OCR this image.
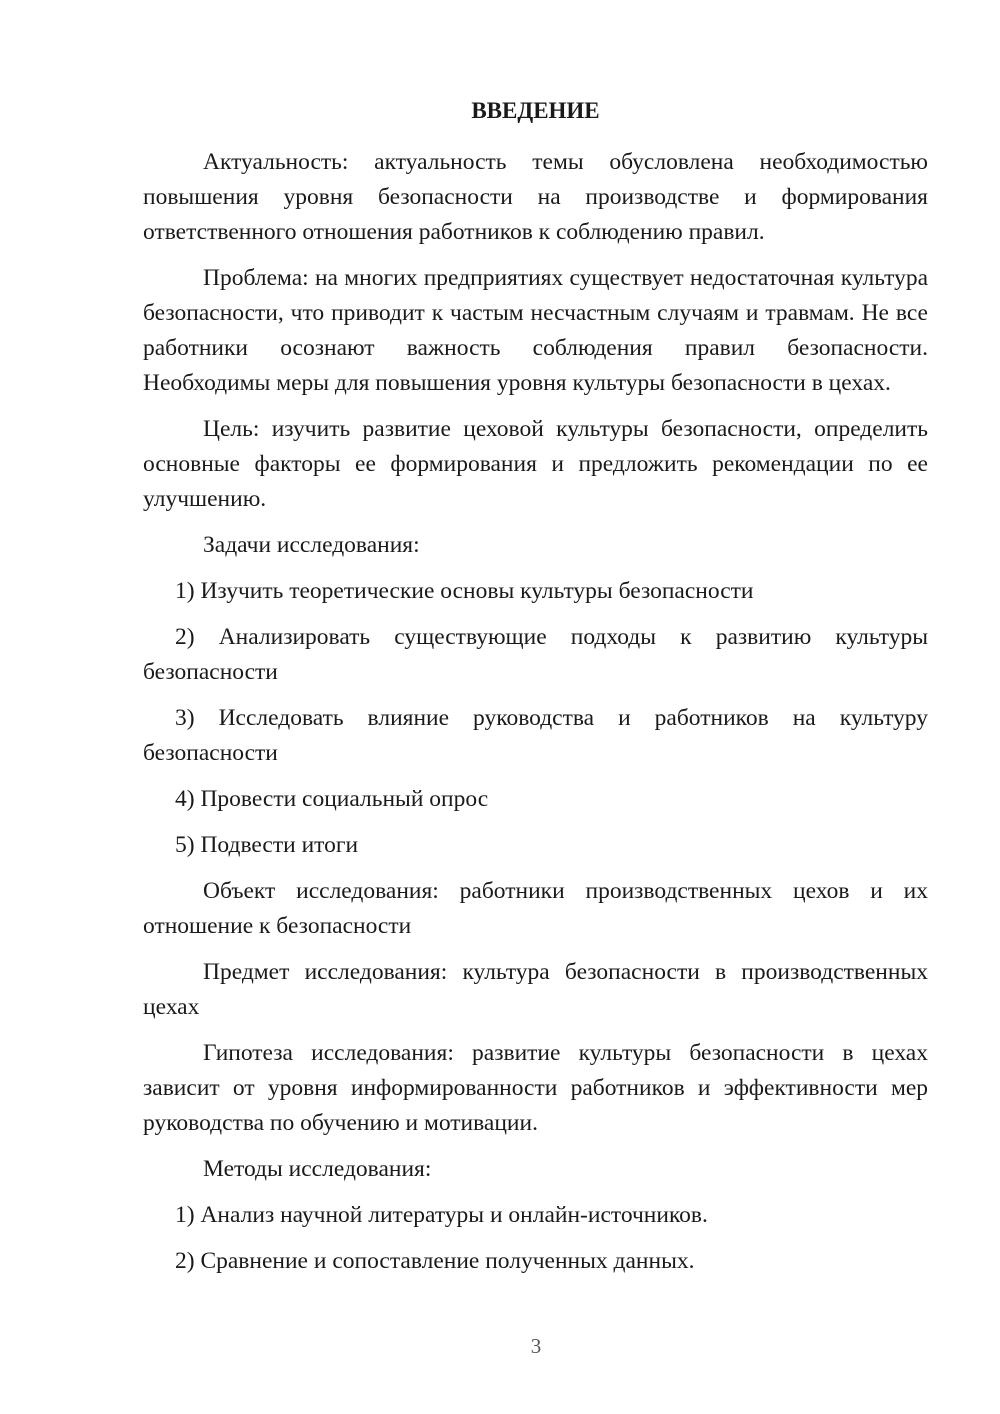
ВВЕДЕНИЕ

Актуальность: актуальность темы обусловлена необходимостью повышения уровня безопасности на производстве и формирования ответственного отношения работников к соблюдению правил.

Проблема: на многих предприятиях существует недостаточная культура безопасности, что приводит к частым несчастным случаям и травмам. Не все работники осознают важность соблюдения правил безопасности. Необходимы меры для повышения уровня культуры безопасности в цехах.

Цель: изучить развитие цеховой культуры безопасности, определить основные факторы ее формирования и предложить рекомендации по ее улучшению.

Задачи исследования:

1) Изучить теоретические основы культуры безопасности

2) Анализировать существующие подходы к развитию культуры безопасности

3) Исследовать влияние руководства и работников на культуру безопасности

4) Провести социальный опрос

5) Подвести итоги

Объект исследования: работники производственных цехов и их отношение к безопасности

Предмет исследования: культура безопасности в производственных цехах

Гипотеза исследования: развитие культуры безопасности в цехах зависит от уровня информированности работников и эффективности мер руководства по обучению и мотивации.

Методы исследования:

1) Анализ научной литературы и онлайн-источников.

2) Сравнение и сопоставление полученных данных.

3
